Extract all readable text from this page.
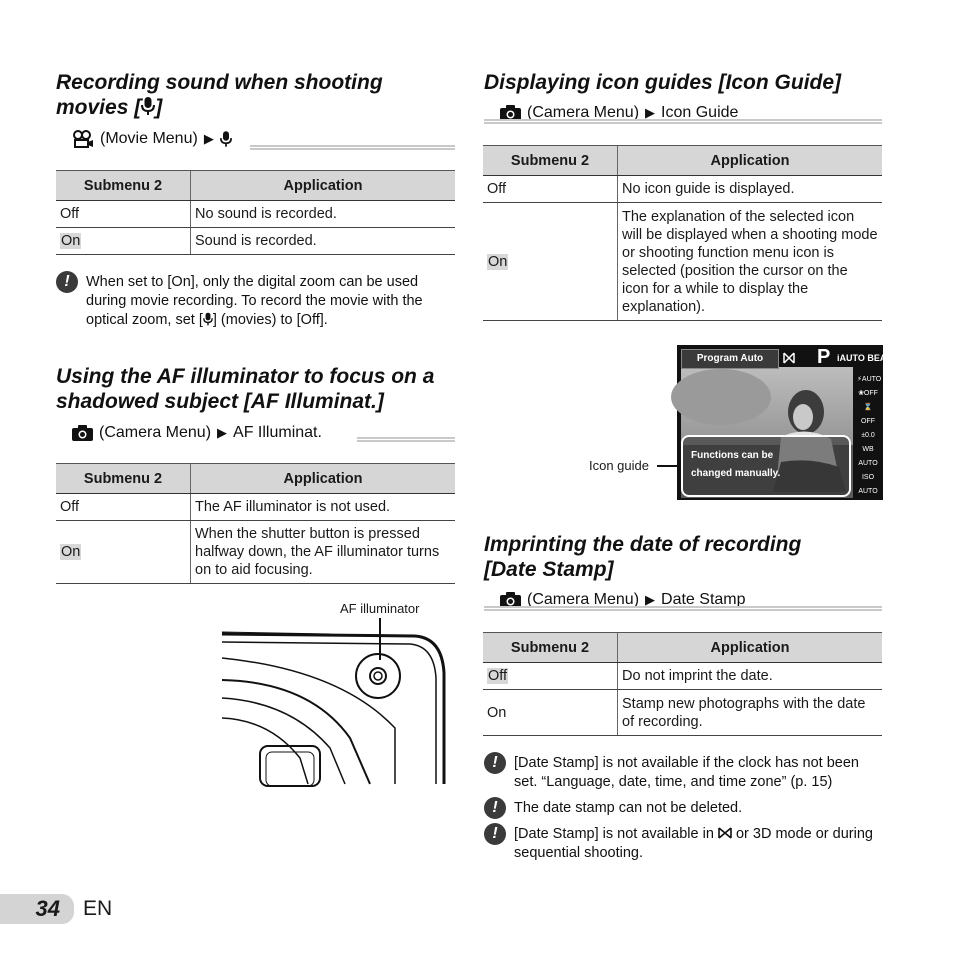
Recording sound when shooting
movies [ ]

(Movie Menu) ▶
Submenu 2	Application
Off	No sound is recorded.
On	Sound is recorded.
!	When set to [On], only the digital zoom can be used during movie recording. To record the movie with the optical zoom, set [ ] (movies) to [Off].

Using the AF illuminator to focus on a
shadowed subject [AF Illuminat.]

(Camera Menu) ▶ AF Illuminat.
Submenu 2	Application
Off	The AF illuminator is not used.
On	When the shutter button is pressed halfway down, the AF illuminator turns on to aid focusing.
AF illuminator

Displaying icon guides [Icon Guide]

(Camera Menu) ▶ Icon Guide
Submenu 2	Application
Off	No icon guide is displayed.
On	The explanation of the selected icon will be displayed when a shooting mode or shooting function menu icon is selected (position the cursor on the icon for a while to display the explanation).
Program Auto	P iAUTO BEAUTY
⚡AUTO
❀OFF
⌛OFF
±0.0
WB AUTO
ISO AUTO
▭
14M
MENU
Functions can be
changed manually.
Icon guide

Imprinting the date of recording
[Date Stamp]

(Camera Menu) ▶ Date Stamp
Submenu 2	Application
Off	Do not imprint the date.
On	Stamp new photographs with the date of recording.
!	[Date Stamp] is not available if the clock has not been set. “Language, date, time, and time zone” (p. 15)
!	The date stamp can not be deleted.
!	[Date Stamp] is not available in or 3D mode or during sequential shooting.
34 EN
